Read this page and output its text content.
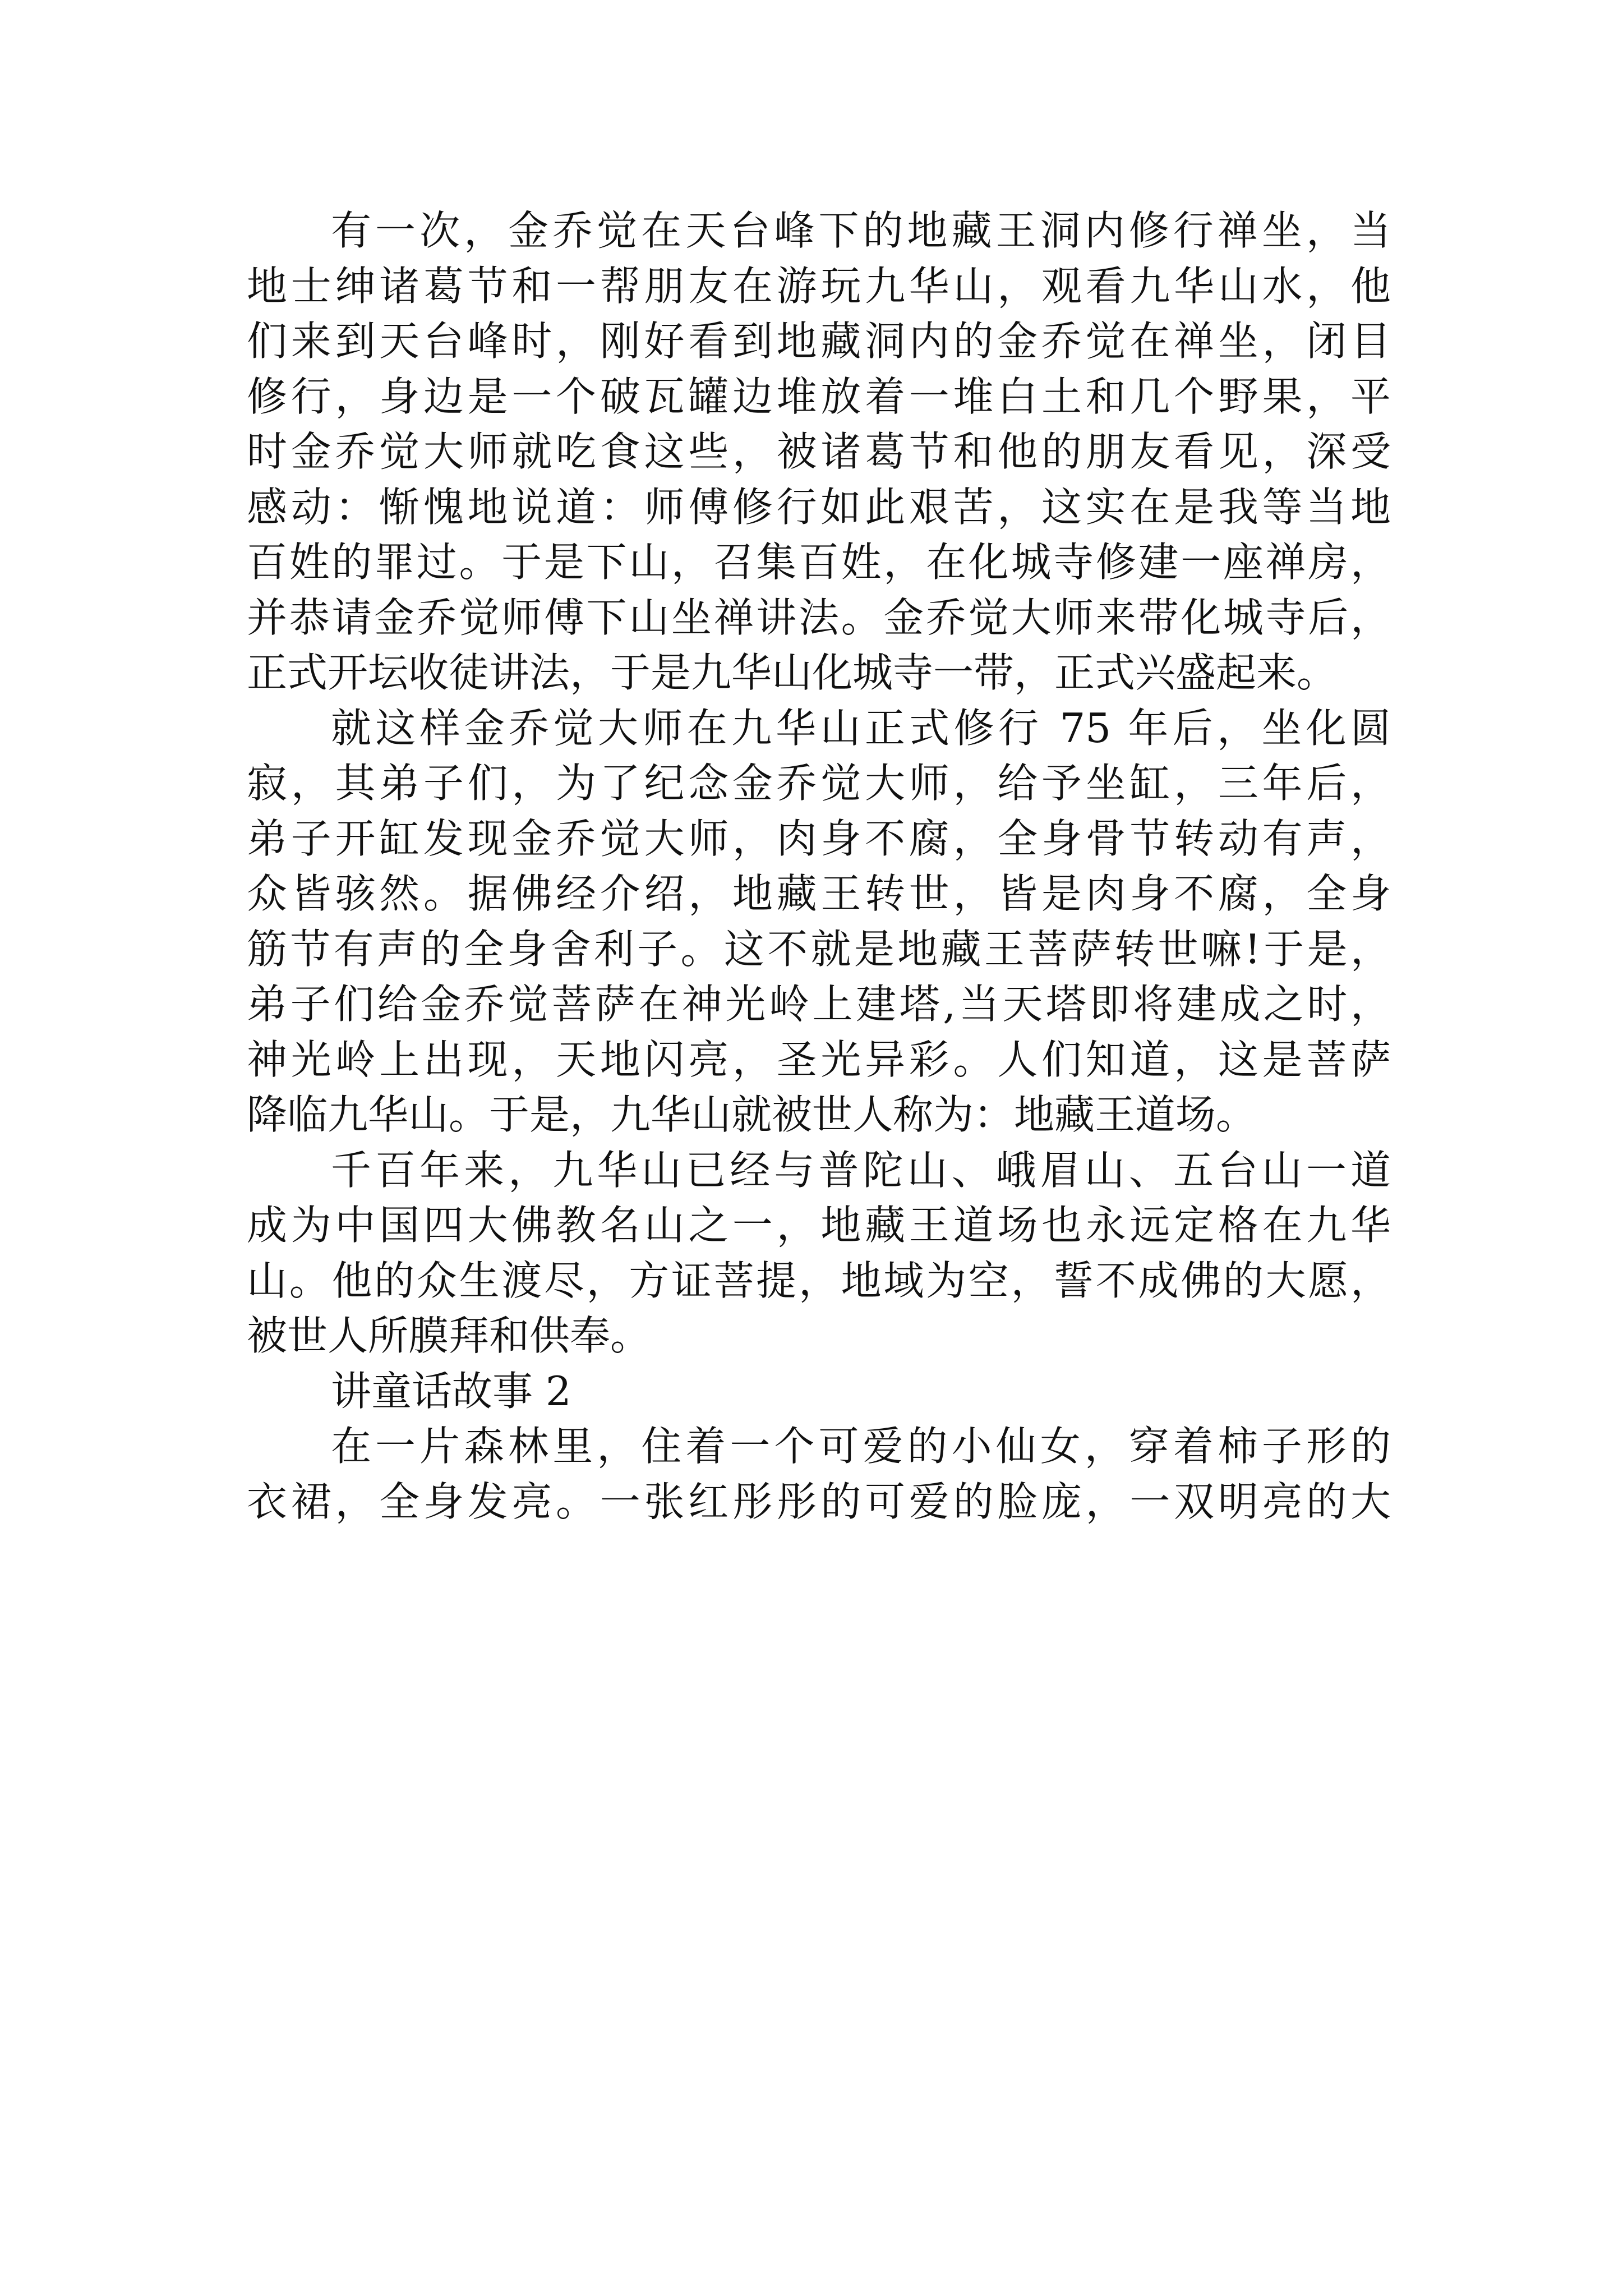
有一次，金乔觉在天台峰下的地藏王洞内修行禅坐，当
地士绅诸葛节和一帮朋友在游玩九华山，观看九华山水，他
们来到天台峰时，刚好看到地藏洞内的金乔觉在禅坐，闭目
修行，身边是一个破瓦罐边堆放着一堆白土和几个野果，平
时金乔觉大师就吃食这些，被诸葛节和他的朋友看见，深受
感动：惭愧地说道：师傅修行如此艰苦，这实在是我等当地
百姓的罪过。于是下山，召集百姓，在化城寺修建一座禅房，
并恭请金乔觉师傅下山坐禅讲法。金乔觉大师来带化城寺后，
正式开坛收徒讲法，于是九华山化城寺一带，正式兴盛起来。
就这样金乔觉大师在九华山正式修行 75 年后，坐化圆
寂，其弟子们，为了纪念金乔觉大师，给予坐缸，三年后，
弟子开缸发现金乔觉大师，肉身不腐，全身骨节转动有声，
众皆骇然。据佛经介绍，地藏王转世，皆是肉身不腐，全身
筋节有声的全身舍利子。这不就是地藏王菩萨转世嘛!于是，
弟子们给金乔觉菩萨在神光岭上建塔,当天塔即将建成之时，
神光岭上出现，天地闪亮，圣光异彩。人们知道，这是菩萨
降临九华山。于是，九华山就被世人称为：地藏王道场。
千百年来，九华山已经与普陀山、峨眉山、五台山一道
成为中国四大佛教名山之一，地藏王道场也永远定格在九华
山。他的众生渡尽，方证菩提，地域为空，誓不成佛的大愿，
被世人所膜拜和供奉。
讲童话故事 2
在一片森林里，住着一个可爱的小仙女，穿着柿子形的
衣裙，全身发亮。一张红彤彤的可爱的脸庞，一双明亮的大
